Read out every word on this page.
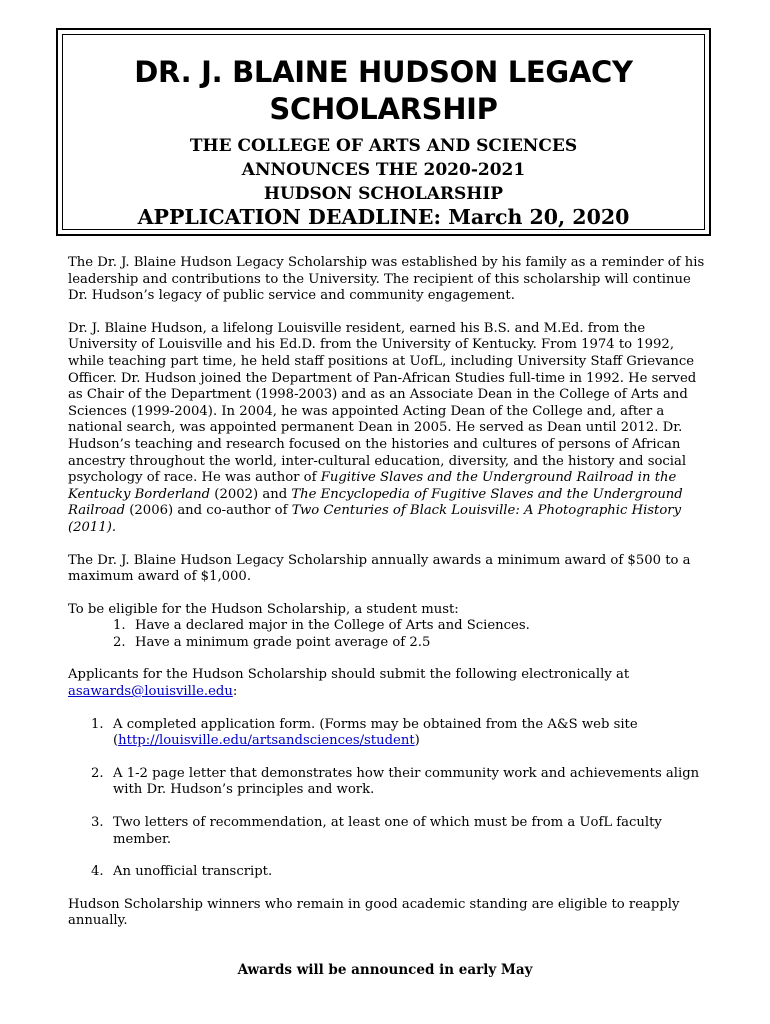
DR. J. BLAINE HUDSON LEGACY
SCHOLARSHIP
THE COLLEGE OF ARTS AND SCIENCES
ANNOUNCES THE 2020-2021
HUDSON SCHOLARSHIP
APPLICATION DEADLINE: March 20, 2020

The Dr. J. Blaine Hudson Legacy Scholarship was established by his family as a reminder of his leadership and contributions to the University. The recipient of this scholarship will continue Dr. Hudson’s legacy of public service and community engagement.

Dr. J. Blaine Hudson, a lifelong Louisville resident, earned his B.S. and M.Ed. from the University of Louisville and his Ed.D. from the University of Kentucky. From 1974 to 1992, while teaching part time, he held staff positions at UofL, including University Staff Grievance Officer. Dr. Hudson joined the Department of Pan-African Studies full-time in 1992. He served as Chair of the Department (1998-2003) and as an Associate Dean in the College of Arts and Sciences (1999-2004). In 2004, he was appointed Acting Dean of the College and, after a national search, was appointed permanent Dean in 2005. He served as Dean until 2012. Dr. Hudson’s teaching and research focused on the histories and cultures of persons of African ancestry throughout the world, inter-cultural education, diversity, and the history and social psychology of race. He was author of Fugitive Slaves and the Underground Railroad in the Kentucky Borderland (2002) and The Encyclopedia of Fugitive Slaves and the Underground Railroad (2006) and co-author of Two Centuries of Black Louisville: A Photographic History (2011).

The Dr. J. Blaine Hudson Legacy Scholarship annually awards a minimum award of $500 to a maximum award of $1,000.

To be eligible for the Hudson Scholarship, a student must:

1. Have a declared major in the College of Arts and Sciences.
2. Have a minimum grade point average of 2.5

Applicants for the Hudson Scholarship should submit the following electronically at
asawards@louisville.edu:

1. A completed application form. (Forms may be obtained from the A&S web site (http://louisville.edu/artsandsciences/student)
2. A 1-2 page letter that demonstrates how their community work and achievements align with Dr. Hudson’s principles and work.
3. Two letters of recommendation, at least one of which must be from a UofL faculty member.
4. An unofficial transcript.

Hudson Scholarship winners who remain in good academic standing are eligible to reapply annually.

Awards will be announced in early May
